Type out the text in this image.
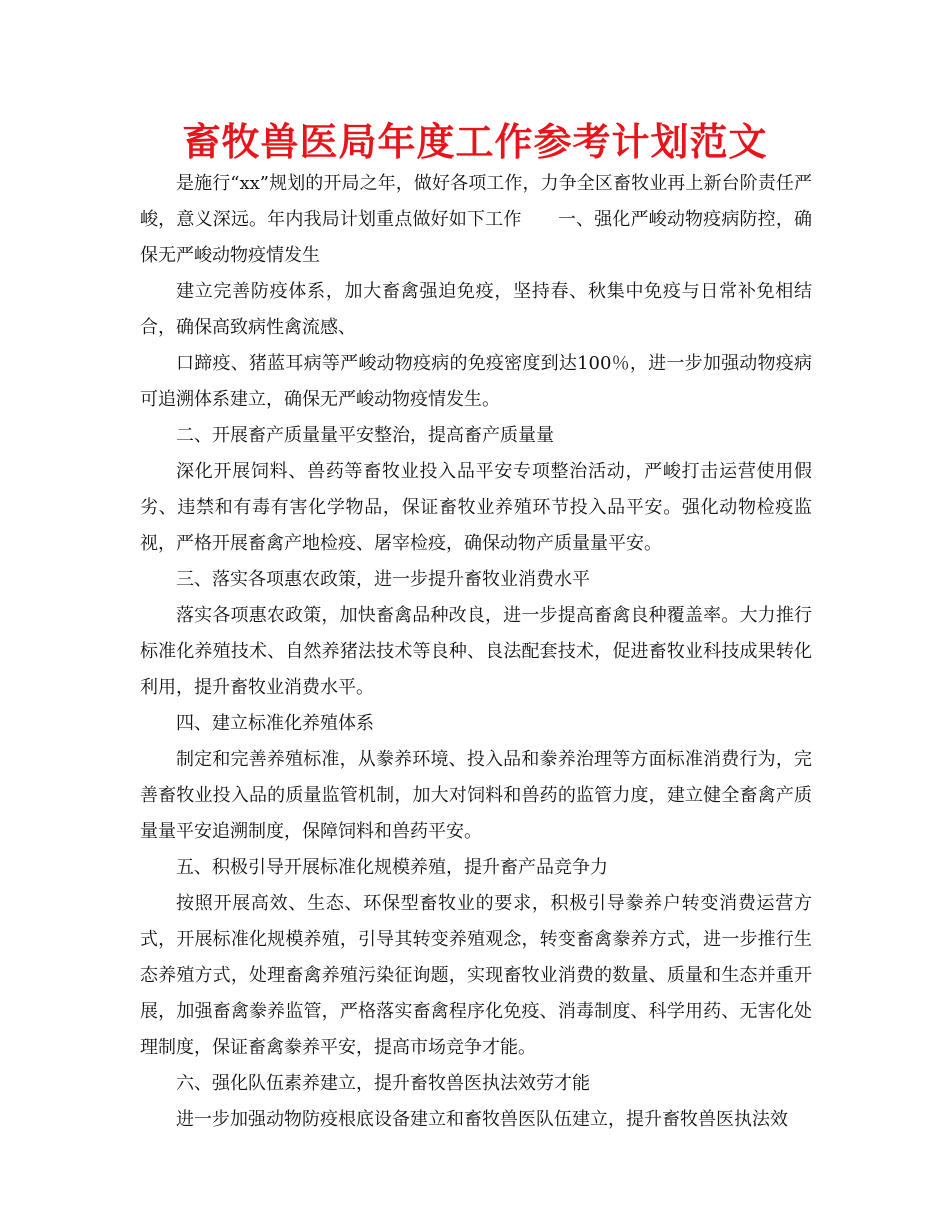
畜牧兽医局年度工作参考计划范文

是施行“xx”规划的开局之年，做好各项工作，力争全区畜牧业再上新台阶责任严峻，意义深远。年内我局计划重点做好如下工作　　一、强化严峻动物疫病防控，确保无严峻动物疫情发生

建立完善防疫体系，加大畜禽强迫免疫，坚持春、秋集中免疫与日常补免相结合，确保高致病性禽流感、

口蹄疫、猪蓝耳病等严峻动物疫病的免疫密度到达100％，进一步加强动物疫病可追溯体系建立，确保无严峻动物疫情发生。

二、开展畜产质量量平安整治，提高畜产质量量

深化开展饲料、兽药等畜牧业投入品平安专项整治活动，严峻打击运营使用假劣、违禁和有毒有害化学物品，保证畜牧业养殖环节投入品平安。强化动物检疫监视，严格开展畜禽产地检疫、屠宰检疫，确保动物产质量量平安。

三、落实各项惠农政策，进一步提升畜牧业消费水平

落实各项惠农政策，加快畜禽品种改良，进一步提高畜禽良种覆盖率。大力推行标准化养殖技术、自然养猪法技术等良种、良法配套技术，促进畜牧业科技成果转化利用，提升畜牧业消费水平。

四、建立标准化养殖体系

制定和完善养殖标准，从豢养环境、投入品和豢养治理等方面标准消费行为，完善畜牧业投入品的质量监管机制，加大对饲料和兽药的监管力度，建立健全畜禽产质量量平安追溯制度，保障饲料和兽药平安。

五、积极引导开展标准化规模养殖，提升畜产品竞争力

按照开展高效、生态、环保型畜牧业的要求，积极引导豢养户转变消费运营方式，开展标准化规模养殖，引导其转变养殖观念，转变畜禽豢养方式，进一步推行生态养殖方式，处理畜禽养殖污染征询题，实现畜牧业消费的数量、质量和生态并重开展，加强畜禽豢养监管，严格落实畜禽程序化免疫、消毒制度、科学用药、无害化处理制度，保证畜禽豢养平安，提高市场竞争才能。

六、强化队伍素养建立，提升畜牧兽医执法效劳才能

进一步加强动物防疫根底设备建立和畜牧兽医队伍建立，提升畜牧兽医执法效
